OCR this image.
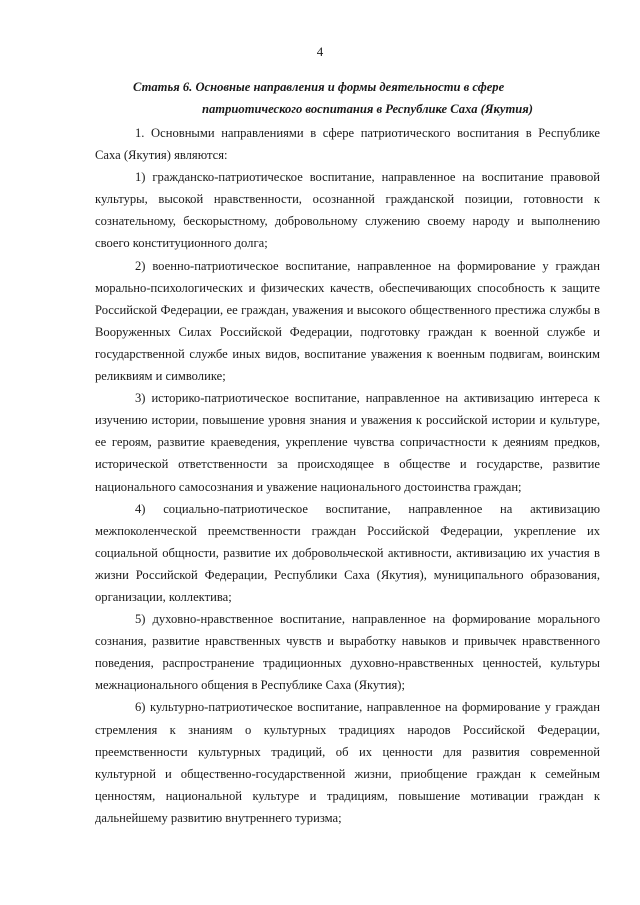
4
Статья 6. Основные направления и формы деятельности в сфере
патриотического воспитания в Республике Саха (Якутия)

1. Основными направлениями в сфере патриотического воспитания в Республике Саха (Якутия) являются:

1) гражданско-патриотическое воспитание, направленное на воспитание правовой культуры, высокой нравственности, осознанной гражданской позиции, готовности к сознательному, бескорыстному, добровольному служению своему народу и выполнению своего конституционного долга;

2) военно-патриотическое воспитание, направленное на формирование у граждан морально-психологических и физических качеств, обеспечивающих способность к защите Российской Федерации, ее граждан, уважения и высокого общественного престижа службы в Вооруженных Силах Российской Федерации, подготовку граждан к военной службе и государственной службе иных видов, воспитание уважения к военным подвигам, воинским реликвиям и символике;

3) историко-патриотическое воспитание, направленное на активизацию интереса к изучению истории, повышение уровня знания и уважения к российской истории и культуре, ее героям, развитие краеведения, укрепление чувства сопричастности к деяниям предков, исторической ответственности за происходящее в обществе и государстве, развитие национального самосознания и уважение национального достоинства граждан;

4) социально-патриотическое воспитание, направленное на активизацию межпоколенческой преемственности граждан Российской Федерации, укрепление их социальной общности, развитие их добровольческой активности, активизацию их участия в жизни Российской Федерации, Республики Саха (Якутия), муниципального образования, организации, коллектива;

5) духовно-нравственное воспитание, направленное на формирование морального сознания, развитие нравственных чувств и выработку навыков и привычек нравственного поведения, распространение традиционных духовно-нравственных ценностей, культуры межнационального общения в Республике Саха (Якутия);

6) культурно-патриотическое воспитание, направленное на формирование у граждан стремления к знаниям о культурных традициях народов Российской Федерации, преемственности культурных традиций, об их ценности для развития современной культурной и общественно-государственной жизни, приобщение граждан к семейным ценностям, национальной культуре и традициям, повышение мотивации граждан к дальнейшему развитию внутреннего туризма;
